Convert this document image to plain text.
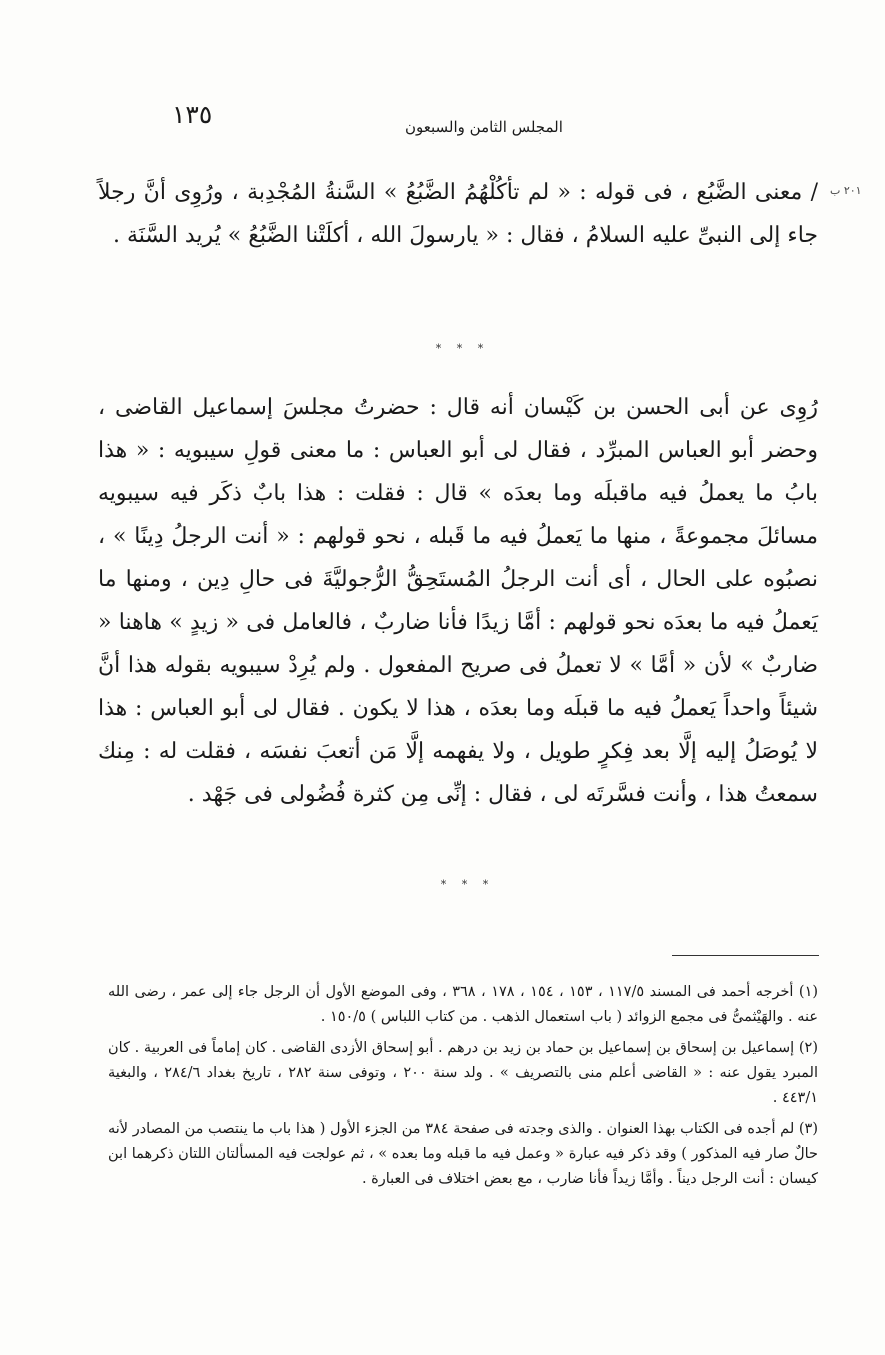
١٣٥	المجلس الثامن والسبعون
٢٠١ ب

/ معنى الضَّبُع ، فى قوله : « لم تأكُلْهُمُ الضَّبُعُ » السَّنةُ المُجْدِبة ، ورُوِى أنَّ رجلاً جاء إلى النبىِّ عليه السلامُ ، فقال : « يارسولَ الله ، أكلَتْنا الضَّبُعُ » يُريد السَّنَة .

* * *

رُوِى عن أبى الحسن بن كَيْسان أنه قال : حضرتُ مجلسَ إسماعيل القاضى ، وحضر أبو العباس المبرِّد ، فقال لى أبو العباس : ما معنى قولِ سيبويه : « هذا بابُ ما يعملُ فيه ماقبلَه وما بعدَه » قال : فقلت : هذا بابٌ ذكَر فيه سيبويه مسائلَ مجموعةً ، منها ما يَعملُ فيه ما قَبله ، نحو قولهم : « أنت الرجلُ دِينًا » ، نصبُوه على الحال ، أى أنت الرجلُ المُستَحِقُّ الرُّجوليَّةَ فى حالِ دِين ، ومنها ما يَعملُ فيه ما بعدَه نحو قولهم : أمَّا زيدًا فأنا ضاربٌ ، فالعامل فى « زيدٍ » هاهنا « ضاربٌ » لأن « أمَّا » لا تعملُ فى صريح المفعول . ولم يُرِدْ سيبويه بقوله هذا أنَّ شيئاً واحداً يَعملُ فيه ما قبلَه وما بعدَه ، هذا لا يكون . فقال لى أبو العباس : هذا لا يُوصَلُ إليه إلَّا بعد فِكرٍ طويل ، ولا يفهمه إلَّا مَن أتعبَ نفسَه ، فقلت له : مِنك سمعتُ هذا ، وأنت فسَّرتَه لى ، فقال : إنِّى مِن كثرة فُضُولى فى جَهْد .

* * *

(١) أخرجه أحمد فى المسند ١١٧/٥ ، ١٥٣ ، ١٥٤ ، ١٧٨ ، ٣٦٨ ، وفى الموضع الأول أن الرجل جاء إلى عمر ، رضى الله عنه . والهَيْثمىُّ فى مجمع الزوائد ( باب استعمال الذهب . من كتاب اللباس ) ١٥٠/٥ .

(٢) إسماعيل بن إسحاق بن إسماعيل بن حماد بن زيد بن درهم . أبو إسحاق الأزدى القاضى . كان إماماً فى العربية . كان المبرد يقول عنه : « القاضى أعلم منى بالتصريف » . ولد سنة ٢٠٠ ، وتوفى سنة ٢٨٢ ، تاريخ بغداد ٢٨٤/٦ ، والبغية ٤٤٣/١ .

(٣) لم أجده فى الكتاب بهذا العنوان . والذى وجدته فى صفحة ٣٨٤ من الجزء الأول ( هذا باب ما ينتصب من المصادر لأنه حالٌ صار فيه المذكور ) وقد ذكر فيه عبارة « وعمل فيه ما قبله وما بعده » ، ثم عولجت فيه المسألتان اللتان ذكرهما ابن كيسان : أنت الرجل ديناً . وأمَّا زيداً فأنا ضارب ، مع بعض اختلاف فى العبارة .
